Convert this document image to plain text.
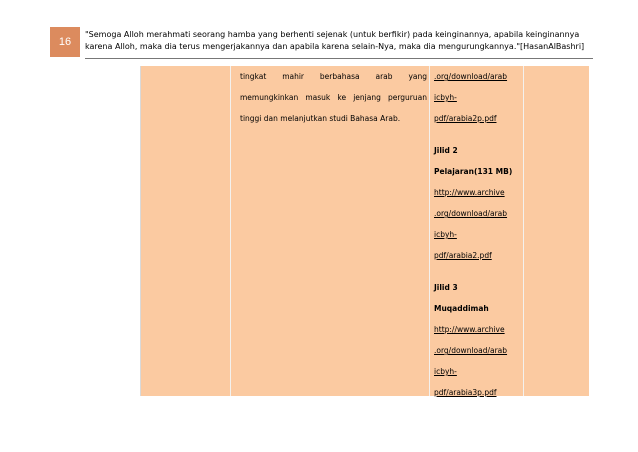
16
"Semoga Alloh merahmati seorang hamba yang berhenti sejenak (untuk berfikir) pada keinginannya, apabila keinginannya
karena Alloh, maka dia terus mengerjakannya dan apabila karena selain-Nya, maka dia mengurungkannya."[HasanAlBashri]
tingkat mahir berbahasa arab yang
memungkinkan masuk ke jenjang perguruan
tinggi dan melanjutkan studi Bahasa Arab.
.org/download/arab
icbyh-
pdf/arabia2p.pdf
Jilid 2
Pelajaran(131 MB)
http://www.archive
.org/download/arab
icbyh-
pdf/arabia2.pdf
Jilid 3
Muqaddimah
http://www.archive
.org/download/arab
icbyh-
pdf/arabia3p.pdf
